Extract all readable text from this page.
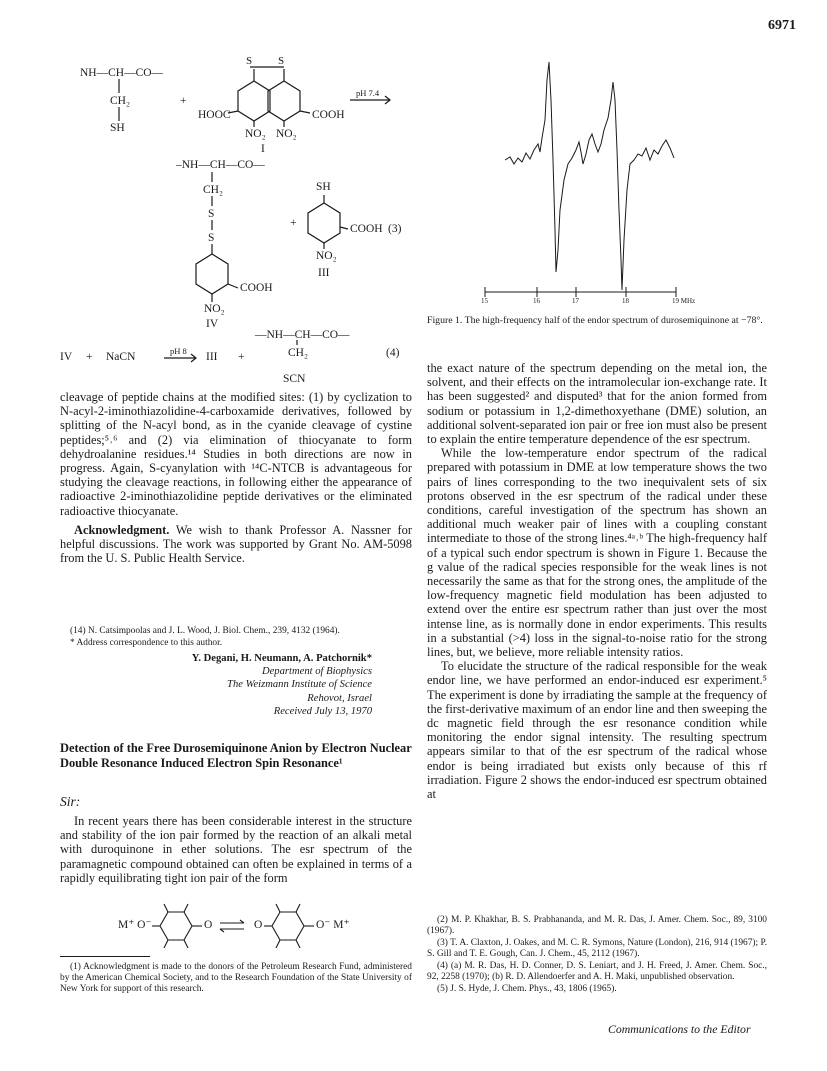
6971
NH—CH—CO—
CH₂
SH
+
S S
HOOC	COOH
NO₂ NO₂
I
pH 7.4
–NH—CH—CO—
CH₂
S
S
COOH
NO₂
IV
+
SH
COOH (3)
NO₂
III
—NH—CH—CO—
IV + NaCN	pH 8 III +	CH₂	(4)
SCN

cleavage of peptide chains at the modified sites: (1) by cyclization to N-acyl-2-iminothiazolidine-4-carboxamide derivatives, followed by splitting of the N-acyl bond, as in the cyanide cleavage of cystine peptides;⁵˒⁶ and (2) via elimination of thiocyanate to form dehydroalanine residues.¹⁴ Studies in both directions are now in progress. Again, S-cyanylation with ¹⁴C-NTCB is advantageous for studying the cleavage reactions, in following either the appearance of radioactive 2-iminothiazolidine peptide derivatives or the eliminated radioactive thiocyanate.

Acknowledgment. We wish to thank Professor A. Nassner for helpful discussions. The work was supported by Grant No. AM-5098 from the U. S. Public Health Service.

(14) N. Catsimpoolas and J. L. Wood, J. Biol. Chem., 239, 4132 (1964).

* Address correspondence to this author.

Y. Degani, H. Neumann, A. Patchornik*
Department of Biophysics
The Weizmann Institute of Science
Rehovot, Israel
Received July 13, 1970
Detection of the Free Durosemiquinone Anion by Electron Nuclear Double Resonance Induced Electron Spin Resonance¹
Sir:

In recent years there has been considerable interest in the structure and stability of the ion pair formed by the reaction of an alkali metal with duroquinone in ether solutions. The esr spectrum of the paramagnetic compound obtained can often be explained in terms of a rapidly equilibrating tight ion pair of the form

M⁺ O⁻	O	O	O⁻ M⁺

(1) Acknowledgment is made to the donors of the Petroleum Research Fund, administered by the American Chemical Society, and to the Research Foundation of the State University of New York for support of this research.

15	16	17	18	19 MHz
Figure 1. The high-frequency half of the endor spectrum of durosemiquinone at −78°.

the exact nature of the spectrum depending on the metal ion, the solvent, and their effects on the intramolecular ion-exchange rate. It has been suggested² and disputed³ that for the anion formed from sodium or potassium in 1,2-dimethoxyethane (DME) solution, an additional solvent-separated ion pair or free ion must also be present to explain the entire temperature dependence of the esr spectrum.

While the low-temperature endor spectrum of the radical prepared with potassium in DME at low temperature shows the two pairs of lines corresponding to the two inequivalent sets of six protons observed in the esr spectrum of the radical under these conditions, careful investigation of the spectrum has shown an additional much weaker pair of lines with a coupling constant intermediate to those of the strong lines.⁴ᵃ˒ᵇ The high-frequency half of a typical such endor spectrum is shown in Figure 1. Because the g value of the radical species responsible for the weak lines is not necessarily the same as that for the strong ones, the amplitude of the low-frequency magnetic field modulation has been adjusted to extend over the entire esr spectrum rather than just over the most intense line, as is normally done in endor experiments. This results in a substantial (>4) loss in the signal-to-noise ratio for the strong lines, but, we believe, more reliable intensity ratios.

To elucidate the structure of the radical responsible for the weak endor line, we have performed an endor-induced esr experiment.⁵ The experiment is done by irradiating the sample at the frequency of the first-derivative maximum of an endor line and then sweeping the dc magnetic field through the esr resonance condition while monitoring the endor signal intensity. The resulting spectrum appears similar to that of the esr spectrum of the radical whose endor is being irradiated but exists only because of this rf irradiation. Figure 2 shows the endor-induced esr spectrum obtained at

(2) M. P. Khakhar, B. S. Prabhananda, and M. R. Das, J. Amer. Chem. Soc., 89, 3100 (1967).

(3) T. A. Claxton, J. Oakes, and M. C. R. Symons, Nature (London), 216, 914 (1967); P. S. Gill and T. E. Gough, Can. J. Chem., 45, 2112 (1967).

(4) (a) M. R. Das, H. D. Conner, D. S. Leniart, and J. H. Freed, J. Amer. Chem. Soc., 92, 2258 (1970); (b) R. D. Allendoerfer and A. H. Maki, unpublished observation.

(5) J. S. Hyde, J. Chem. Phys., 43, 1806 (1965).

Communications to the Editor
